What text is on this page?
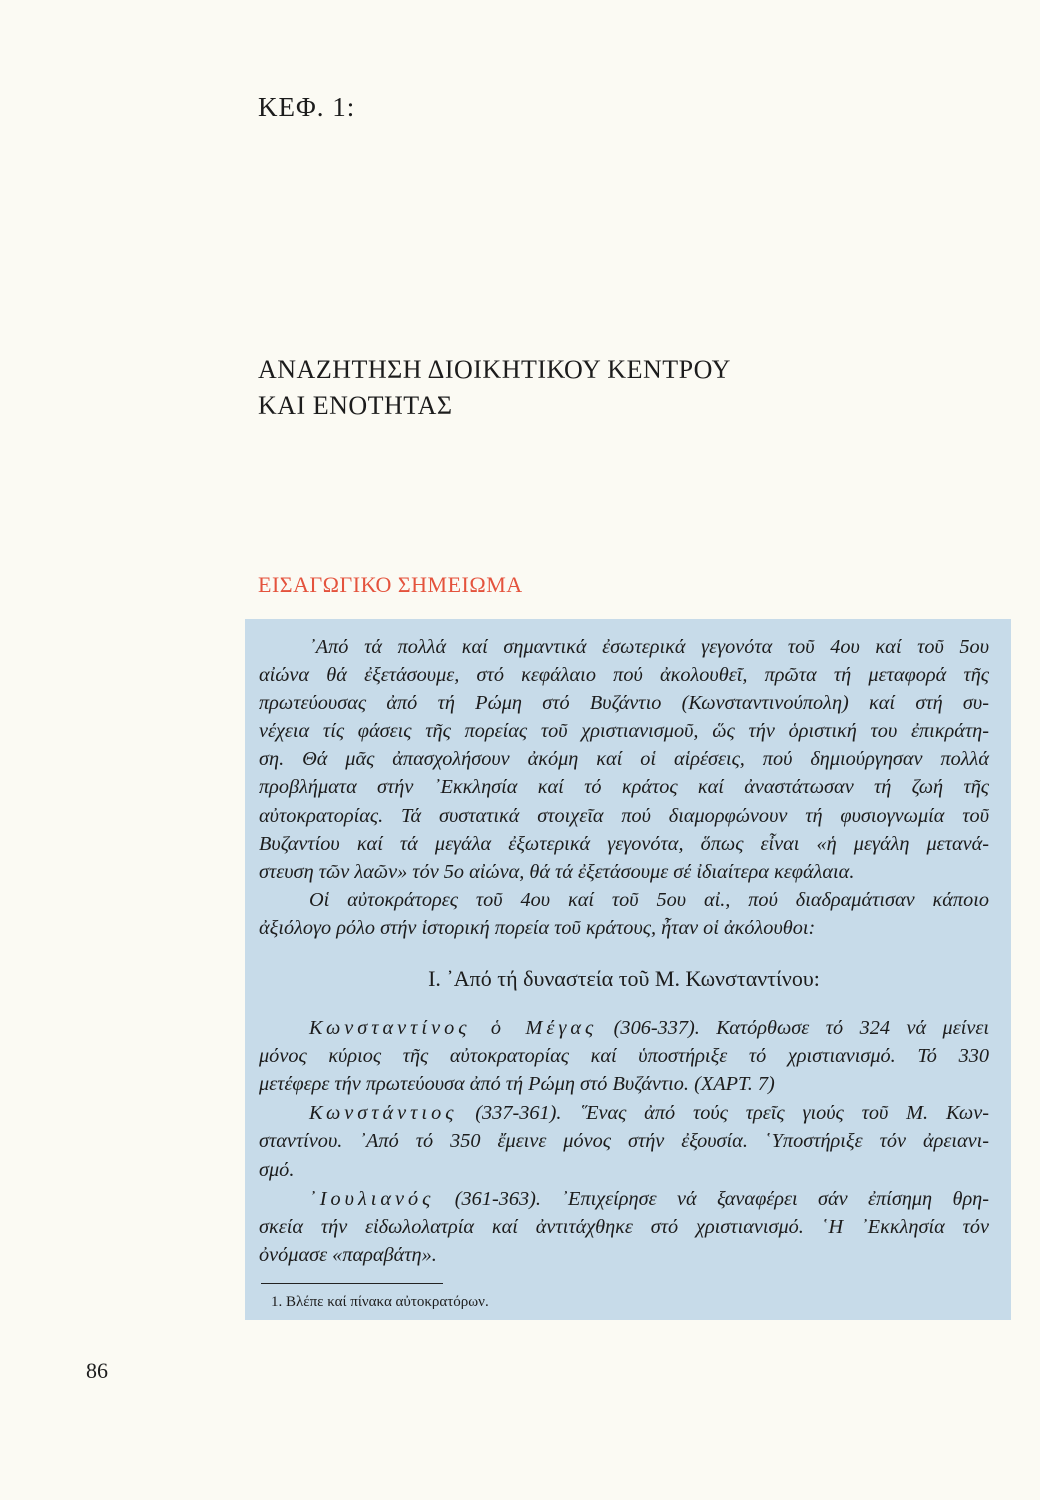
ΚΕΦ. 1:
ΑΝΑΖΗΤΗΣΗ ΔΙΟΙΚΗΤΙΚΟΥ ΚΕΝΤΡΟΥ
ΚΑΙ ΕΝΟΤΗΤΑΣ
ΕΙΣΑΓΩΓΙΚΟ ΣΗΜΕΙΩΜΑ
᾿Από τά πολλά καί σημαντικά ἐσωτερικά γεγονότα τοῦ 4ου καί τοῦ 5ου
αἰώνα θά ἐξετάσουμε, στό κεφάλαιο πού ἀκολουθεῖ, πρῶτα τή μεταφορά τῆς
πρωτεύουσας ἀπό τή Ρώμη στό Βυζάντιο (Κωνσταντινούπολη) καί στή συ-
νέχεια τίς φάσεις τῆς πορείας τοῦ χριστιανισμοῦ, ὥς τήν ὁριστική του ἐπικράτη-
ση. Θά μᾶς ἀπασχολήσουν ἀκόμη καί οἱ αἱρέσεις, πού δημιούργησαν πολλά
προβλήματα στήν ᾿Εκκλησία καί τό κράτος καί ἀναστάτωσαν τή ζωή τῆς
αὐτοκρατορίας. Τά συστατικά στοιχεῖα πού διαμορφώνουν τή φυσιογνωμία τοῦ
Βυζαντίου καί τά μεγάλα ἐξωτερικά γεγονότα, ὅπως εἶναι «ἡ μεγάλη μετανά-
στευση τῶν λαῶν» τόν 5ο αἰώνα, θά τά ἐξετάσουμε σέ ἰδιαίτερα κεφάλαια.
Οἱ αὐτοκράτορες τοῦ 4ου καί τοῦ 5ου αἰ., πού διαδραμάτισαν κάποιο
ἀξιόλογο ρόλο στήν ἱστορική πορεία τοῦ κράτους, ἦταν οἱ ἀκόλουθοι:
I. ᾿Από τή δυναστεία τοῦ Μ. Κωνσταντίνου:
Κωνσταντίνος ὁ Μέγας (306-337). Κατόρθωσε τό 324 νά μείνει
μόνος κύριος τῆς αὐτοκρατορίας καί ὑποστήριξε τό χριστιανισμό. Τό 330
μετέφερε τήν πρωτεύουσα ἀπό τή Ρώμη στό Βυζάντιο. (ΧΑΡΤ. 7)
Κωνστάντιος (337-361). ῞Ενας ἀπό τούς τρεῖς γιούς τοῦ Μ. Κων-
σταντίνου. ᾿Από τό 350 ἔμεινε μόνος στήν ἐξουσία. ῾Υποστήριξε τόν ἀρειανι-
σμό.
᾿Ιουλιανός (361-363). ᾿Επιχείρησε νά ξαναφέρει σάν ἐπίσημη θρη-
σκεία τήν εἰδωλολατρία καί ἀντιτάχθηκε στό χριστιανισμό. ῾Η ᾿Εκκλησία τόν
ὀνόμασε «παραβάτη».
1. Βλέπε καί πίνακα αὐτοκρατόρων.
86
